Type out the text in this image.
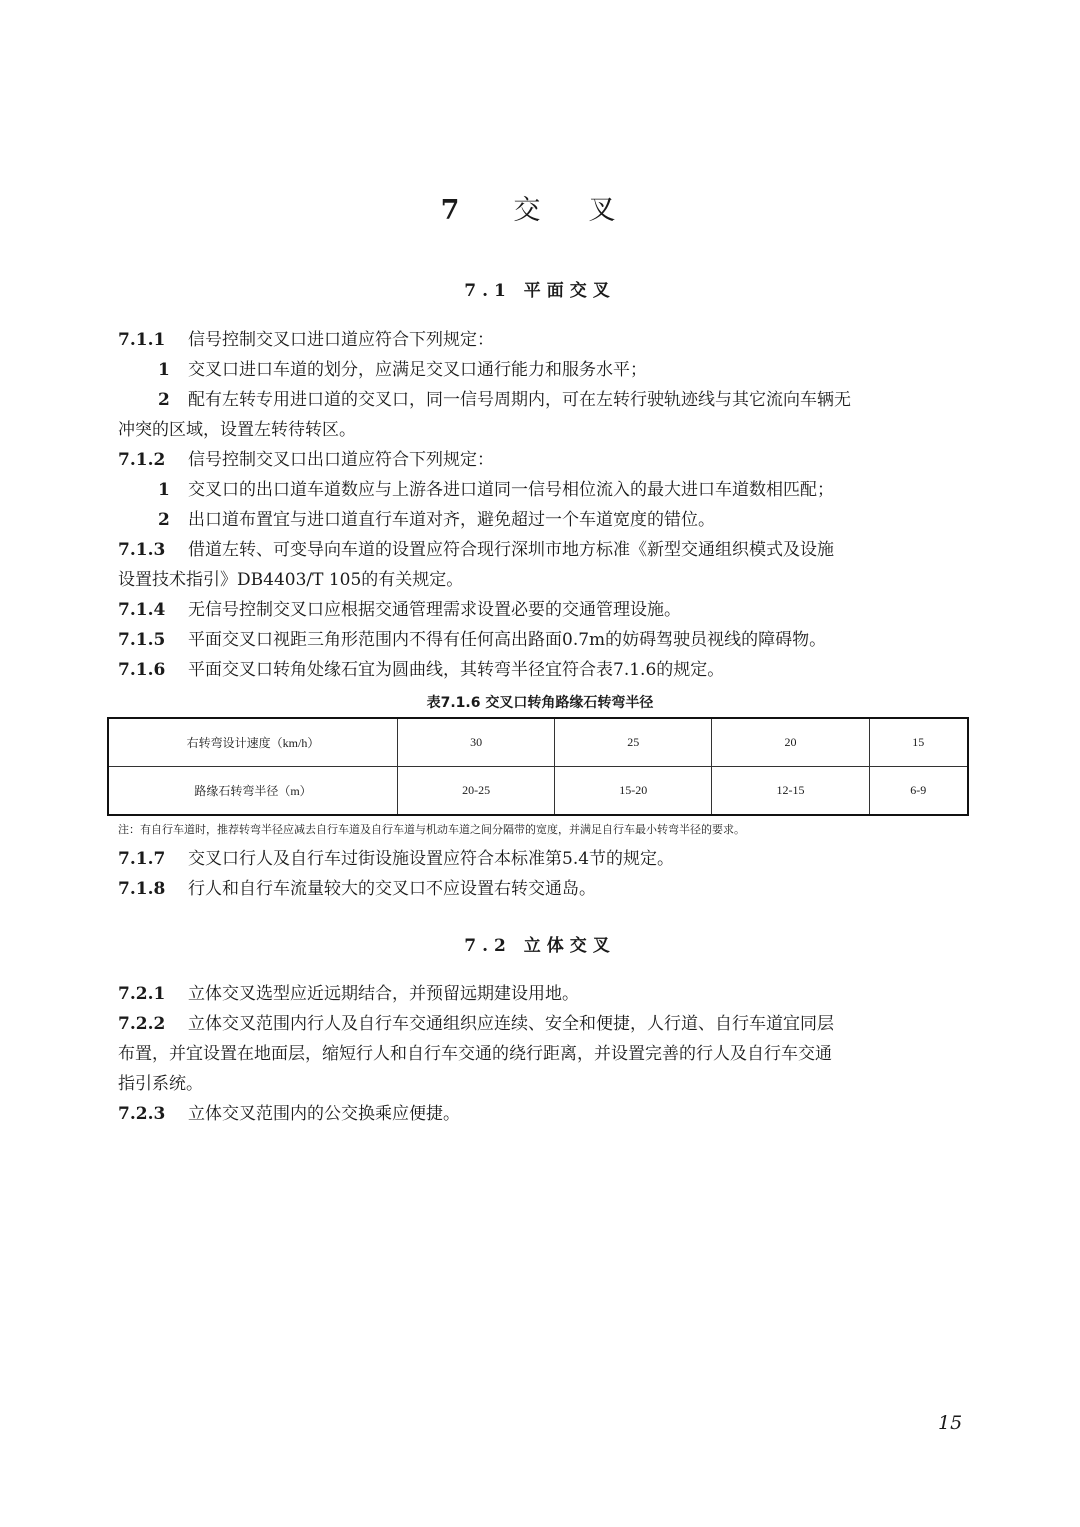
7 交 叉
7.1 平面交叉
7.1.1 信号控制交叉口进口道应符合下列规定：
1 交叉口进口车道的划分，应满足交叉口通行能力和服务水平；
2 配有左转专用进口道的交叉口，同一信号周期内，可在左转行驶轨迹线与其它流向车辆无
冲突的区域，设置左转待转区。
7.1.2 信号控制交叉口出口道应符合下列规定：
1 交叉口的出口道车道数应与上游各进口道同一信号相位流入的最大进口车道数相匹配；
2 出口道布置宜与进口道直行车道对齐，避免超过一个车道宽度的错位。
7.1.3 借道左转、可变导向车道的设置应符合现行深圳市地方标准《新型交通组织模式及设施
设置技术指引》DB4403/T 105的有关规定。
7.1.4 无信号控制交叉口应根据交通管理需求设置必要的交通管理设施。
7.1.5 平面交叉口视距三角形范围内不得有任何高出路面0.7m的妨碍驾驶员视线的障碍物。
7.1.6 平面交叉口转角处缘石宜为圆曲线，其转弯半径宜符合表7.1.6的规定。
表7.1.6 交叉口转角路缘石转弯半径
右转弯设计速度（km/h）	30	25	20	15
路缘石转弯半径（m）	20-25	15-20	12-15	6-9
注：有自行车道时，推荐转弯半径应减去自行车道及自行车道与机动车道之间分隔带的宽度，并满足自行车最小转弯半径的要求。
7.1.7 交叉口行人及自行车过街设施设置应符合本标准第5.4节的规定。
7.1.8 行人和自行车流量较大的交叉口不应设置右转交通岛。
7.2 立体交叉
7.2.1 立体交叉选型应近远期结合，并预留远期建设用地。
7.2.2 立体交叉范围内行人及自行车交通组织应连续、安全和便捷，人行道、自行车道宜同层
布置，并宜设置在地面层，缩短行人和自行车交通的绕行距离，并设置完善的行人及自行车交通
指引系统。
7.2.3 立体交叉范围内的公交换乘应便捷。
15
